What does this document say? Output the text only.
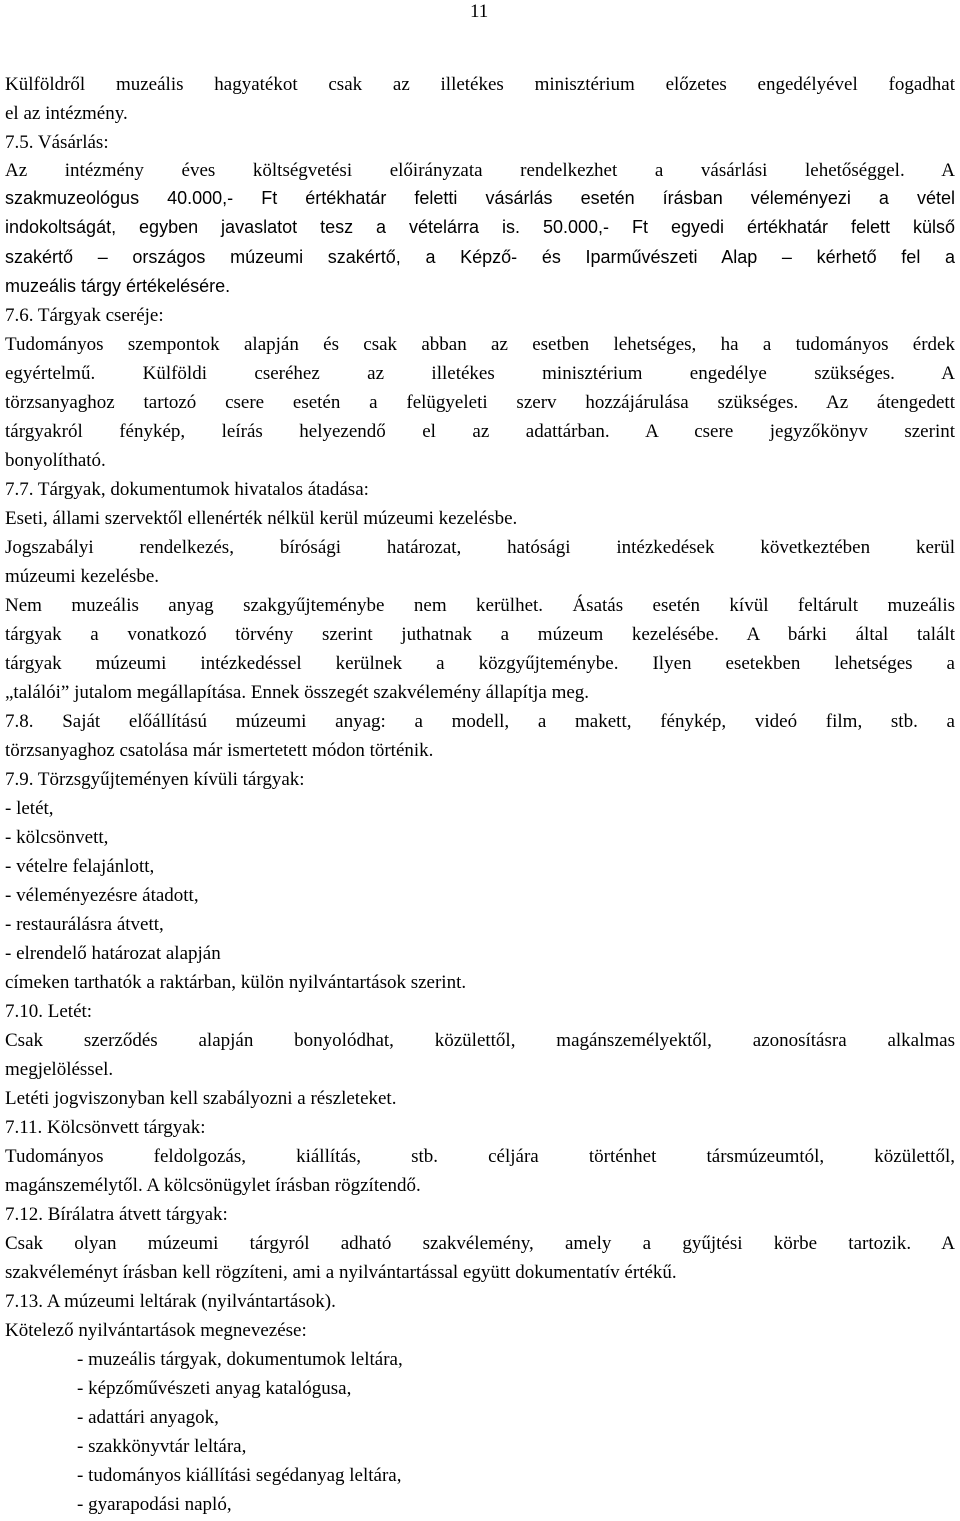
11
Külföldről muzeális hagyatékot csak az illetékes minisztérium előzetes engedélyével fogadhat
el az intézmény.
7.5. Vásárlás:
Az intézmény éves költségvetési előirányzata rendelkezhet a vásárlási lehetőséggel. A
szakmuzeológus 40.000,- Ft értékhatár feletti vásárlás esetén írásban véleményezi a vétel
indokoltságát, egyben javaslatot tesz a vételárra is. 50.000,- Ft egyedi értékhatár felett külső
szakértő – országos múzeumi szakértő, a Képző- és Iparművészeti Alap – kérhető fel a
muzeális tárgy értékelésére.
7.6. Tárgyak cseréje:
Tudományos szempontok alapján és csak abban az esetben lehetséges, ha a tudományos érdek
egyértelmű. Külföldi cseréhez az illetékes minisztérium engedélye szükséges. A
törzsanyaghoz tartozó csere esetén a felügyeleti szerv hozzájárulása szükséges. Az átengedett
tárgyakról fénykép, leírás helyezendő el az adattárban. A csere jegyzőkönyv szerint
bonyolítható.
7.7. Tárgyak, dokumentumok hivatalos átadása:
Eseti, állami szervektől ellenérték nélkül kerül múzeumi kezelésbe.
Jogszabályi rendelkezés, bírósági határozat, hatósági intézkedések következtében kerül
múzeumi kezelésbe.
Nem muzeális anyag szakgyűjteménybe nem kerülhet. Ásatás esetén kívül feltárult muzeális
tárgyak a vonatkozó törvény szerint juthatnak a múzeum kezelésébe. A bárki által talált
tárgyak múzeumi intézkedéssel kerülnek a közgyűjteménybe. Ilyen esetekben lehetséges a
„találói” jutalom megállapítása. Ennek összegét szakvélemény állapítja meg.
7.8. Saját előállítású múzeumi anyag: a modell, a makett, fénykép, videó film, stb. a
törzsanyaghoz csatolása már ismertetett módon történik.
7.9. Törzsgyűjteményen kívüli tárgyak:
- letét,
- kölcsönvett,
- vételre felajánlott,
- véleményezésre átadott,
- restaurálásra átvett,
- elrendelő határozat alapján
címeken tarthatók a raktárban, külön nyilvántartások szerint.
7.10. Letét:
Csak szerződés alapján bonyolódhat, közülettől, magánszemélyektől, azonosításra alkalmas
megjelöléssel.
Letéti jogviszonyban kell szabályozni a részleteket.
7.11. Kölcsönvett tárgyak:
Tudományos feldolgozás, kiállítás, stb. céljára történhet társmúzeumtól, közülettől,
magánszemélytől. A kölcsönügylet írásban rögzítendő.
7.12. Bírálatra átvett tárgyak:
Csak olyan múzeumi tárgyról adható szakvélemény, amely a gyűjtési körbe tartozik. A
szakvéleményt írásban kell rögzíteni, ami a nyilvántartással együtt dokumentatív értékű.
7.13. A múzeumi leltárak (nyilvántartások).
Kötelező nyilvántartások megnevezése:
- muzeális tárgyak, dokumentumok leltára,
- képzőművészeti anyag katalógusa,
- adattári anyagok,
- szakkönyvtár leltára,
- tudományos kiállítási segédanyag leltára,
- gyarapodási napló,
